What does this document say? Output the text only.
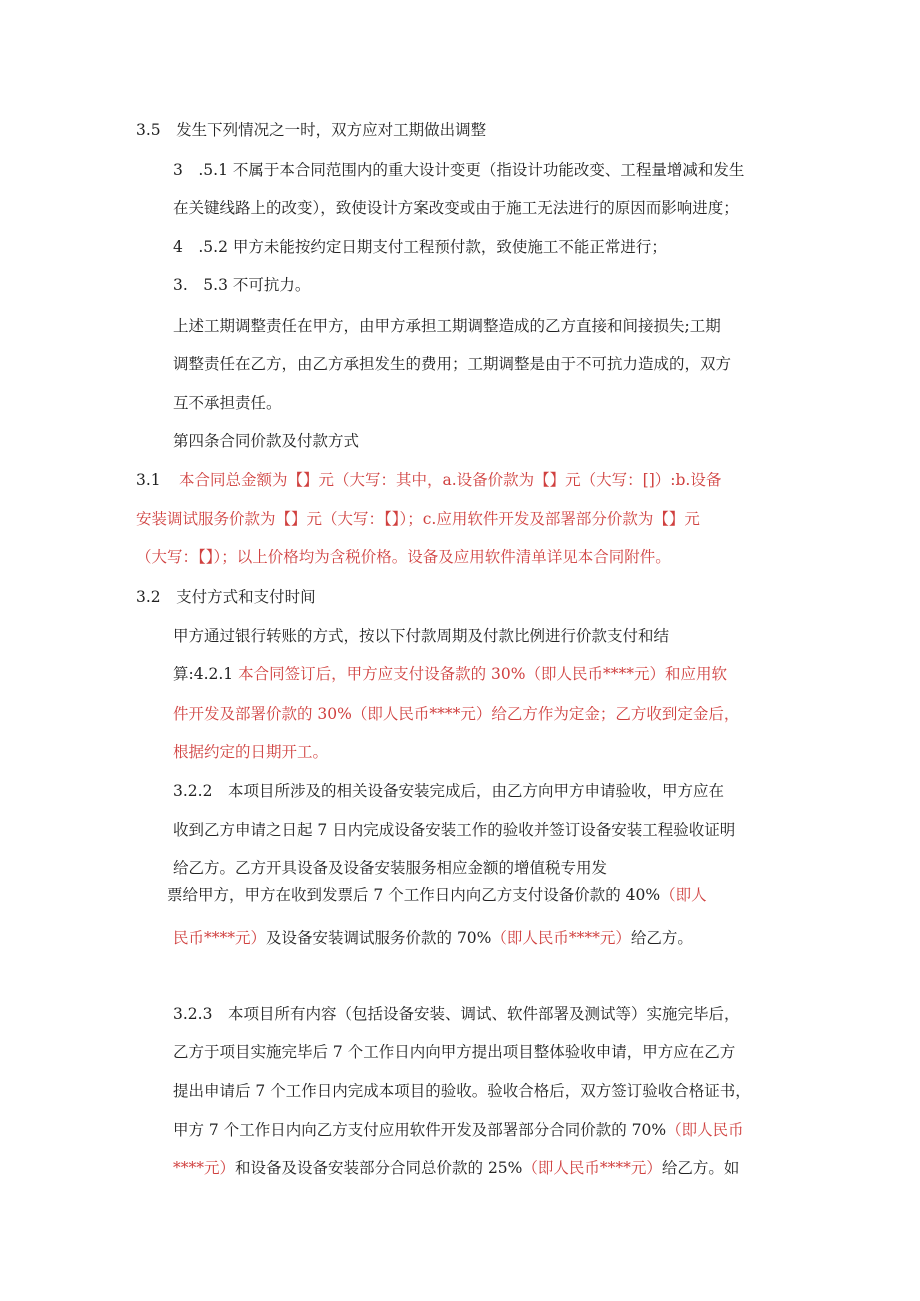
3.5　发生下列情况之一时，双方应对工期做出调整
3　.5.1 不属于本合同范围内的重大设计变更（指设计功能改变、工程量增减和发生
在关键线路上的改变），致使设计方案改变或由于施工无法进行的原因而影响进度；
4　.5.2 甲方未能按约定日期支付工程预付款，致使施工不能正常进行；
3.　5.3 不可抗力。
上述工期调整责任在甲方，由甲方承担工期调整造成的乙方直接和间接损失;工期
调整责任在乙方，由乙方承担发生的费用；工期调整是由于不可抗力造成的，双方
互不承担责任。
第四条合同价款及付款方式
3.1 本合同总金额为【】元（大写：其中，a.设备价款为【】元（大写：[]）:b.设备
安装调试服务价款为【】元（大写：【】）；c.应用软件开发及部署部分价款为【】元
（大写：【】）；以上价格均为含税价格。设备及应用软件清单详见本合同附件。
3.2　支付方式和支付时间
甲方通过银行转账的方式，按以下付款周期及付款比例进行价款支付和结
算:4.2.1 本合同签订后，甲方应支付设备款的 30%（即人民币****元）和应用软
件开发及部署价款的 30%（即人民币****元）给乙方作为定金；乙方收到定金后，
根据约定的日期开工。
3.2.2　本项目所涉及的相关设备安装完成后，由乙方向甲方申请验收，甲方应在
收到乙方申请之日起 7 日内完成设备安装工作的验收并签订设备安装工程验收证明
给乙方。乙方开具设备及设备安装服务相应金额的增值税专用发
票给甲方，甲方在收到发票后 7 个工作日内向乙方支付设备价款的 40%（即人
民币****元）及设备安装调试服务价款的 70%（即人民币****元）给乙方。
3.2.3　本项目所有内容（包括设备安装、调试、软件部署及测试等）实施完毕后，
乙方于项目实施完毕后 7 个工作日内向甲方提出项目整体验收申请，甲方应在乙方
提出申请后 7 个工作日内完成本项目的验收。验收合格后，双方签订验收合格证书，
甲方 7 个工作日内向乙方支付应用软件开发及部署部分合同价款的 70%（即人民币
****元）和设备及设备安装部分合同总价款的 25%（即人民币****元）给乙方。如
